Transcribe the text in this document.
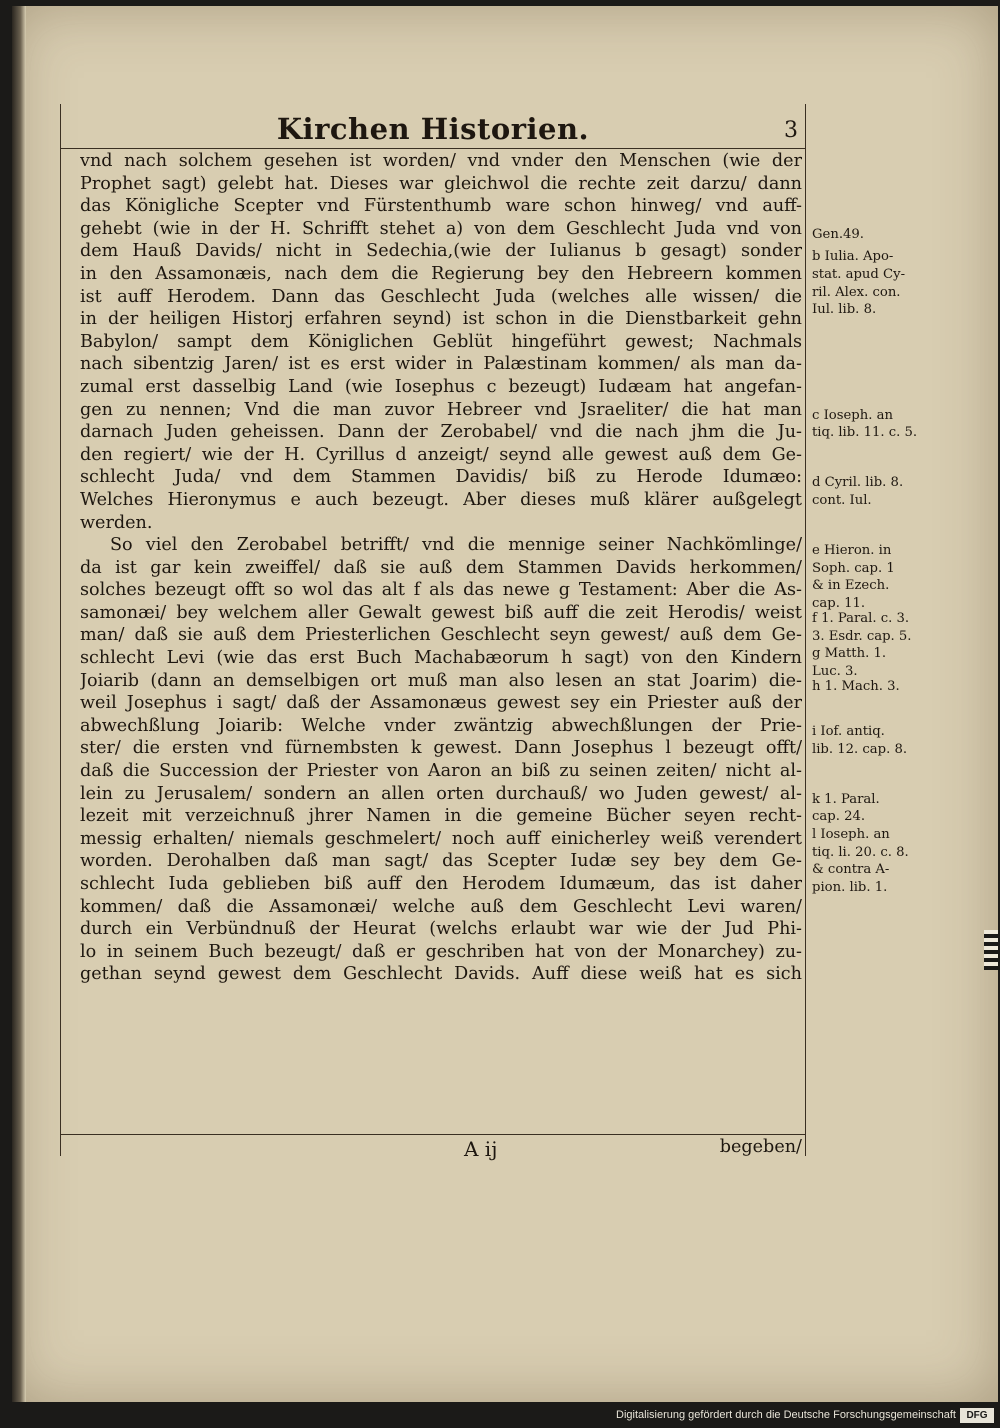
Kirchen Historien.	3
vnd nach solchem gesehen ist worden/ vnd vnder den Menschen (wie der
Prophet sagt) gelebt hat. Dieses war gleichwol die rechte zeit darzu/ dann
das Königliche Scepter vnd Fürstenthumb ware schon hinweg/ vnd auff-
gehebt (wie in der H. Schrifft stehet a) von dem Geschlecht Juda vnd von
dem Hauß Davids/ nicht in Sedechia,(wie der Iulianus b gesagt) sonder
in den Assamonæis, nach dem die Regierung bey den Hebreern kommen
ist auff Herodem. Dann das Geschlecht Juda (welches alle wissen/ die
in der heiligen Historj erfahren seynd) ist schon in die Dienstbarkeit gehn
Babylon/ sampt dem Königlichen Geblüt hingeführt gewest; Nachmals
nach sibentzig Jaren/ ist es erst wider in Palæstinam kommen/ als man da-
zumal erst dasselbig Land (wie Iosephus c bezeugt) Iudæam hat angefan-
gen zu nennen; Vnd die man zuvor Hebreer vnd Jsraeliter/ die hat man
darnach Juden geheissen. Dann der Zerobabel/ vnd die nach jhm die Ju-
den regiert/ wie der H. Cyrillus d anzeigt/ seynd alle gewest auß dem Ge-
schlecht Juda/ vnd dem Stammen Davidis/ biß zu Herode Idumæo:
Welches Hieronymus e auch bezeugt. Aber dieses muß klärer außgelegt
werden.
So viel den Zerobabel betrifft/ vnd die mennige seiner Nachkömlinge/
da ist gar kein zweiffel/ daß sie auß dem Stammen Davids herkommen/
solches bezeugt offt so wol das alt f als das newe g Testament: Aber die As-
samonæi/ bey welchem aller Gewalt gewest biß auff die zeit Herodis/ weist
man/ daß sie auß dem Priesterlichen Geschlecht seyn gewest/ auß dem Ge-
schlecht Levi (wie das erst Buch Machabæorum h sagt) von den Kindern
Joiarib (dann an demselbigen ort muß man also lesen an stat Joarim) die-
weil Josephus i sagt/ daß der Assamonæus gewest sey ein Priester auß der
abwechßlung Joiarib: Welche vnder zwäntzig abwechßlungen der Prie-
ster/ die ersten vnd fürnembsten k gewest. Dann Josephus l bezeugt offt/
daß die Succession der Priester von Aaron an biß zu seinen zeiten/ nicht al-
lein zu Jerusalem/ sondern an allen orten durchauß/ wo Juden gewest/ al-
lezeit mit verzeichnuß jhrer Namen in die gemeine Bücher seyen recht-
messig erhalten/ niemals geschmelert/ noch auff einicherley weiß verendert
worden. Derohalben daß man sagt/ das Scepter Iudæ sey bey dem Ge-
schlecht Iuda geblieben biß auff den Herodem Idumæum, das ist daher
kommen/ daß die Assamonæi/ welche auß dem Geschlecht Levi waren/
durch ein Verbündnuß der Heurat (welchs erlaubt war wie der Jud Phi-
lo in seinem Buch bezeugt/ daß er geschriben hat von der Monarchey) zu-
gethan seynd gewest dem Geschlecht Davids. Auff diese weiß hat es sich
Gen.49.
b Iulia. Apo-
stat. apud Cy-
ril. Alex. con.
Iul. lib. 8.
c Ioseph. an
tiq. lib. 11. c. 5.
d Cyril. lib. 8.
cont. Iul.
e Hieron. in
Soph. cap. 1
& in Ezech.
cap. 11.
f 1. Paral. c. 3.
3. Esdr. cap. 5.
g Matth. 1.
Luc. 3.
h 1. Mach. 3.
i Iof. antiq.
lib. 12. cap. 8.
k 1. Paral.
cap. 24.
l Ioseph. an
tiq. li. 20. c. 8.
& contra A-
pion. lib. 1.
A ij	begeben/
Digitalisierung gefördert durch die Deutsche Forschungsgemeinschaft	DFG
